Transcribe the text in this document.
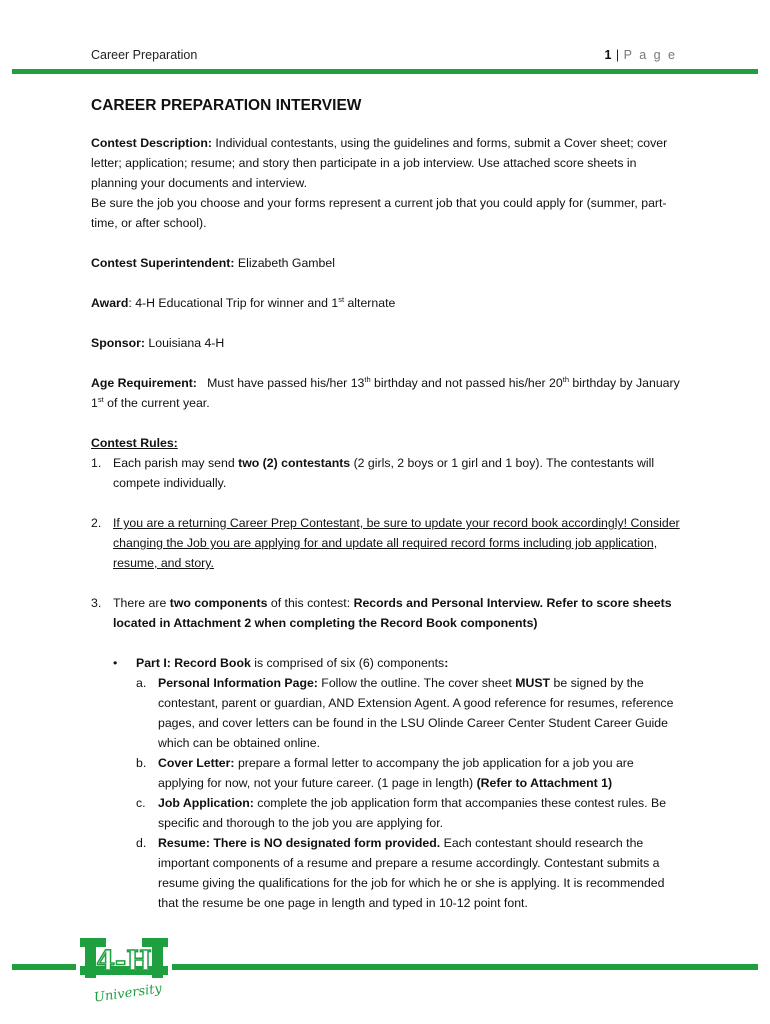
Career Preparation	1 | P a g e
CAREER PREPARATION INTERVIEW

Contest Description: Individual contestants, using the guidelines and forms, submit a Cover sheet; cover letter; application; resume; and story then participate in a job interview. Use attached score sheets in planning your documents and interview.

Be sure the job you choose and your forms represent a current job that you could apply for (summer, part-time, or after school).

Contest Superintendent: Elizabeth Gambel

Award: 4-H Educational Trip for winner and 1st alternate

Sponsor: Louisiana 4-H

Age Requirement: Must have passed his/her 13th birthday and not passed his/her 20th birthday by January 1st of the current year.

Contest Rules:

1. Each parish may send two (2) contestants (2 girls, 2 boys or 1 girl and 1 boy). The contestants will compete individually.
2. If you are a returning Career Prep Contestant, be sure to update your record book accordingly! Consider changing the Job you are applying for and update all required record forms including job application, resume, and story.
3. There are two components of this contest: Records and Personal Interview. Refer to score sheets located in Attachment 2 when completing the Record Book components)
•	Part I: Record Book is comprised of six (6) components:
a. Personal Information Page: Follow the outline. The cover sheet MUST be signed by the contestant, parent or guardian, AND Extension Agent. A good reference for resumes, reference pages, and cover letters can be found in the LSU Olinde Career Center Student Career Guide which can be obtained online.
b. Cover Letter: prepare a formal letter to accompany the job application for a job you are applying for now, not your future career. (1 page in length) (Refer to Attachment 1)
c.	Job Application: complete the job application form that accompanies these contest rules. Be specific and thorough to the job you are applying for.
d. Resume: There is NO designated form provided. Each contestant should research the important components of a resume and prepare a resume accordingly. Contestant submits a resume giving the qualifications for the job for which he or she is applying. It is recommended that the resume be one page in length and typed in 10-12 point font.
4-H
University
